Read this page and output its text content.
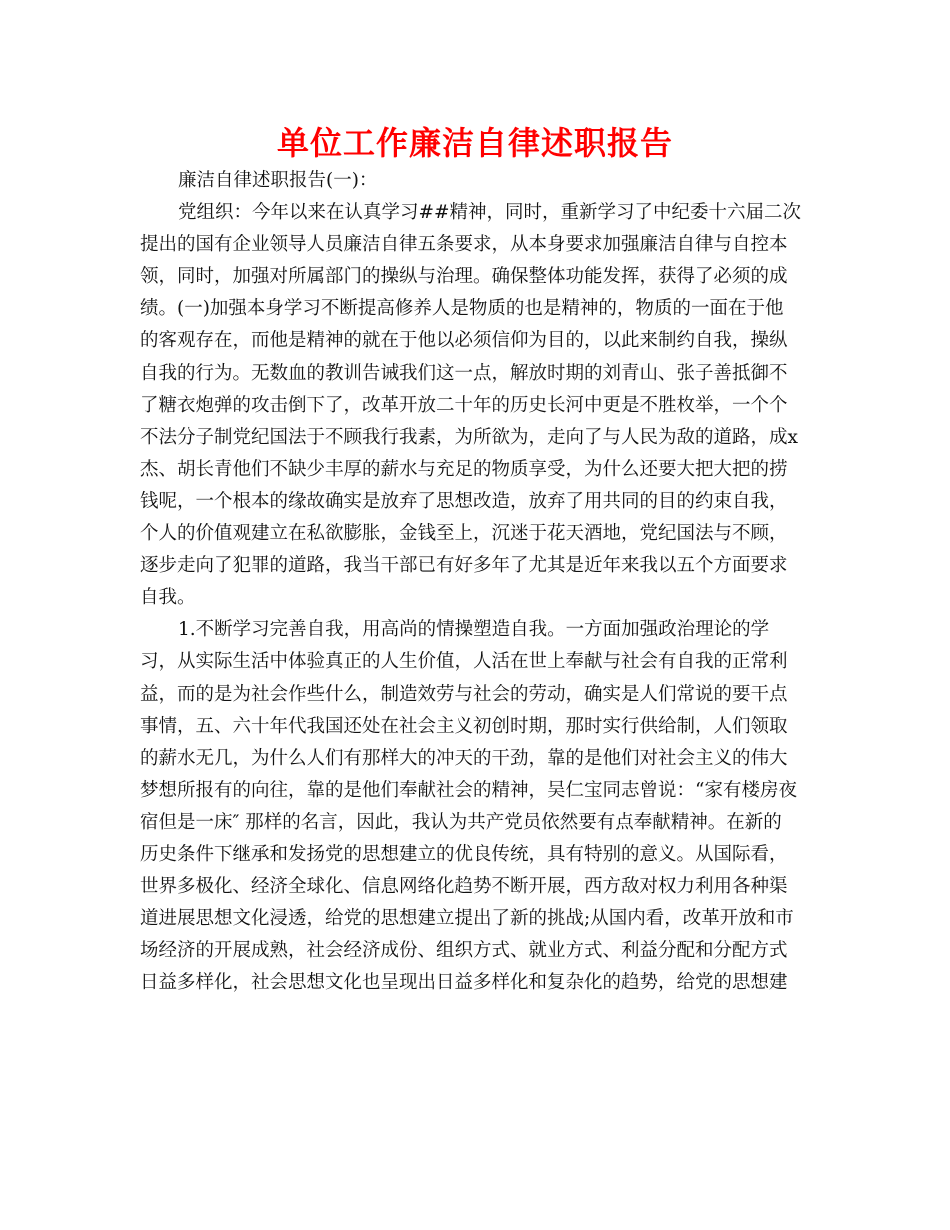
单位工作廉洁自律述职报告
廉洁自律述职报告(一)：
党组织：今年以来在认真学习##精神，同时，重新学习了中纪委十六届二次
提出的国有企业领导人员廉洁自律五条要求，从本身要求加强廉洁自律与自控本
领，同时，加强对所属部门的操纵与治理。确保整体功能发挥，获得了必须的成
绩。(一)加强本身学习不断提高修养人是物质的也是精神的，物质的一面在于他
的客观存在，而他是精神的就在于他以必须信仰为目的，以此来制约自我，操纵
自我的行为。无数血的教训告诫我们这一点，解放时期的刘青山、张子善抵御不
了糖衣炮弹的攻击倒下了，改革开放二十年的历史长河中更是不胜枚举，一个个
不法分子制党纪国法于不顾我行我素，为所欲为，走向了与人民为敌的道路，成x
杰、胡长青他们不缺少丰厚的薪水与充足的物质享受，为什么还要大把大把的捞
钱呢，一个根本的缘故确实是放弃了思想改造，放弃了用共同的目的约束自我，
个人的价值观建立在私欲膨胀，金钱至上，沉迷于花天酒地，党纪国法与不顾，
逐步走向了犯罪的道路，我当干部已有好多年了尤其是近年来我以五个方面要求
自我。
1.不断学习完善自我，用高尚的情操塑造自我。一方面加强政治理论的学
习，从实际生活中体验真正的人生价值，人活在世上奉献与社会有自我的正常利
益，而的是为社会作些什么，制造效劳与社会的劳动，确实是人们常说的要干点
事情，五、六十年代我国还处在社会主义初创时期，那时实行供给制，人们领取
的薪水无几，为什么人们有那样大的冲天的干劲，靠的是他们对社会主义的伟大
梦想所报有的向往，靠的是他们奉献社会的精神，吴仁宝同志曾说：“家有楼房夜
宿但是一床″ 那样的名言，因此，我认为共产党员依然要有点奉献精神。在新的
历史条件下继承和发扬党的思想建立的优良传统，具有特别的意义。从国际看，
世界多极化、经济全球化、信息网络化趋势不断开展，西方敌对权力利用各种渠
道进展思想文化浸透，给党的思想建立提出了新的挑战;从国内看，改革开放和市
场经济的开展成熟，社会经济成份、组织方式、就业方式、利益分配和分配方式
日益多样化，社会思想文化也呈现出日益多样化和复杂化的趋势，给党的思想建
